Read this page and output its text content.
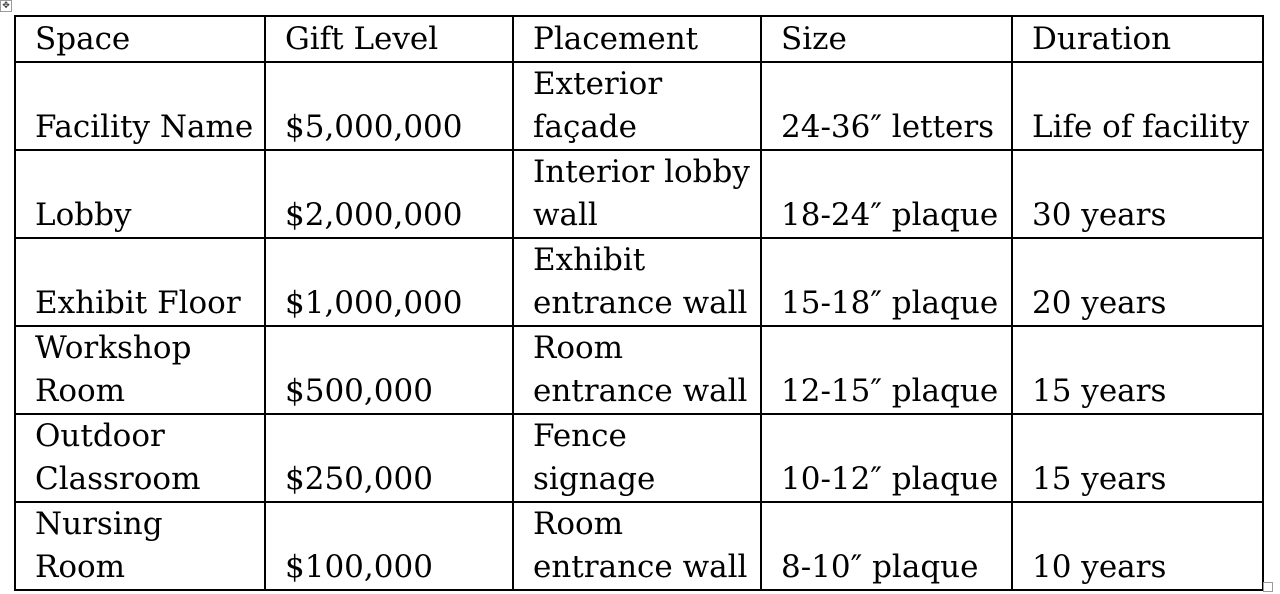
✥
Space	Gift Level	Placement	Size	Duration

Facility Name	$5,000,000	Exterior façade	24-36″ letters	Life of facility

Lobby	$2,000,000	Interior lobby wall	18-24″ plaque	30 years

Exhibit Floor	$1,000,000	Exhibit entrance wall	15-18″ plaque	20 years

Workshop Room	$500,000	Room entrance wall	12-15″ plaque	15 years

Outdoor Classroom	$250,000	Fence signage	10-12″ plaque	15 years

Nursing Room	$100,000	Room entrance wall	8-10″ plaque	10 years
